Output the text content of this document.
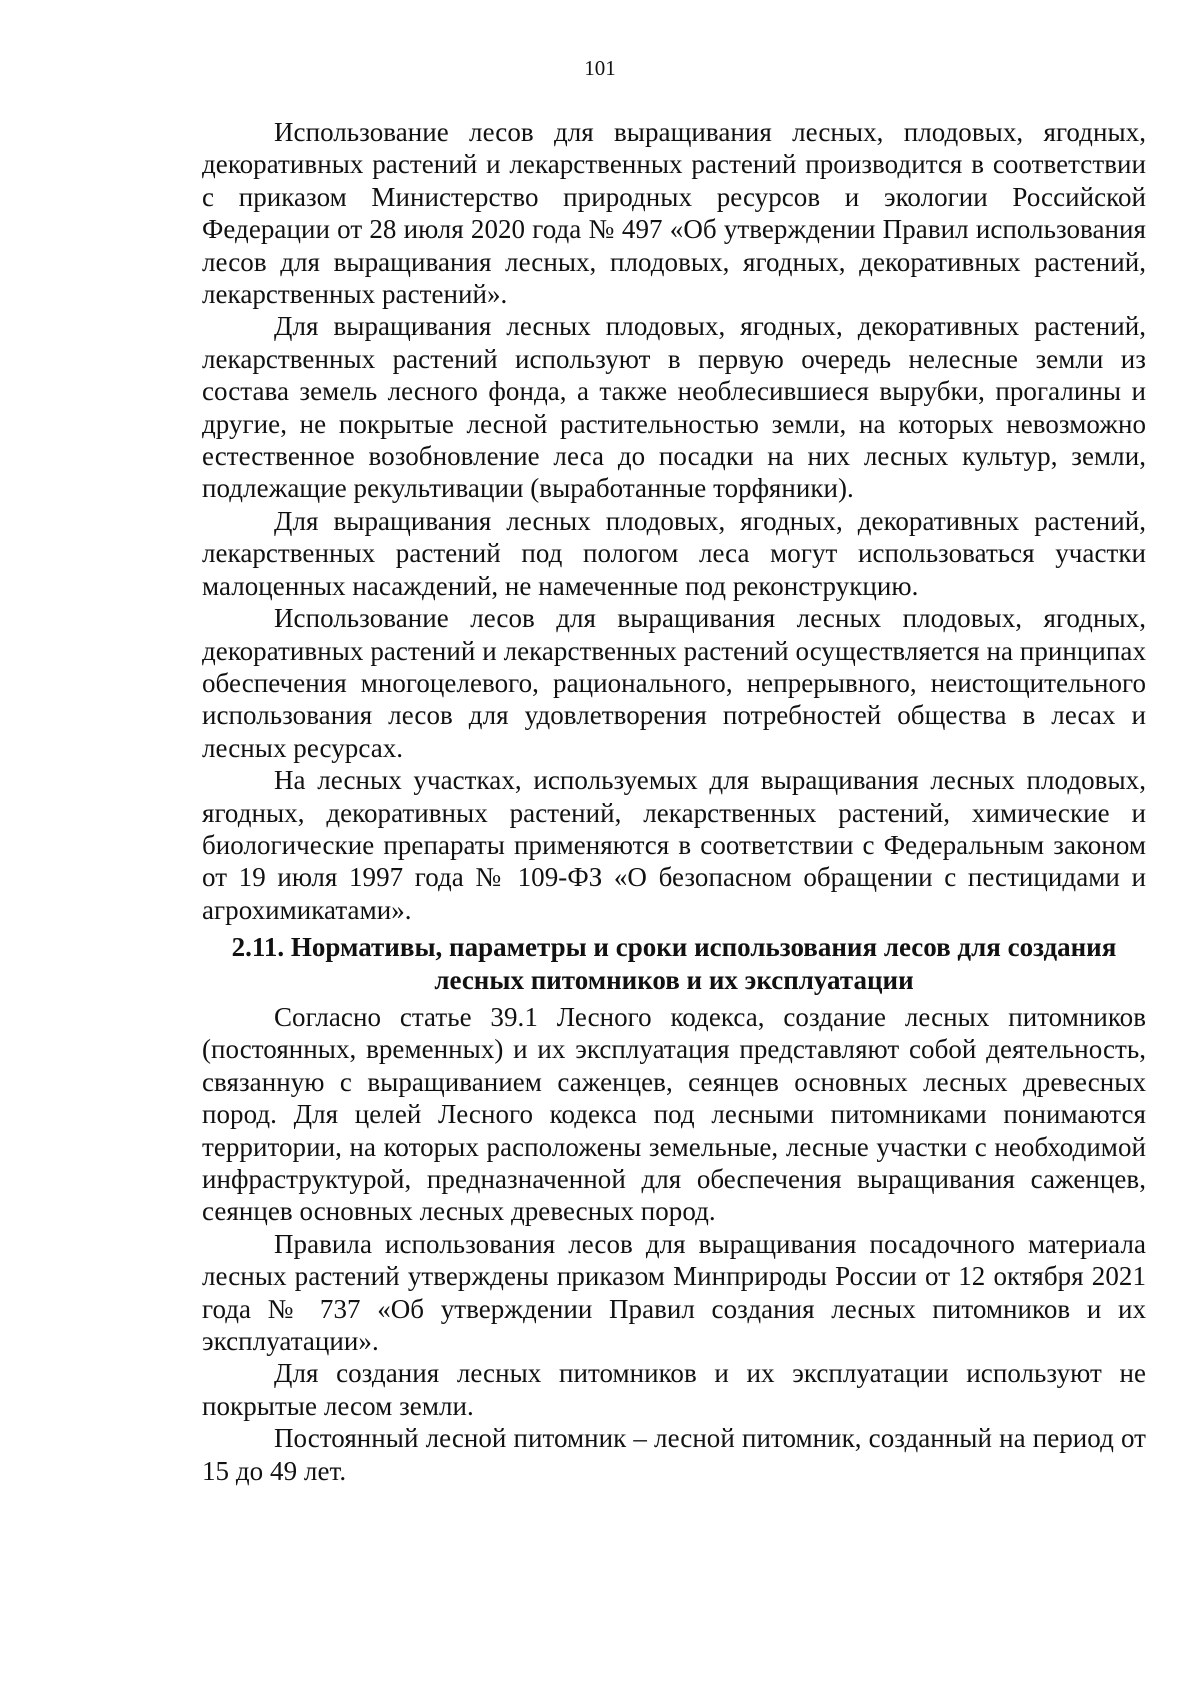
101

Использование лесов для выращивания лесных, плодовых, ягодных, декоративных растений и лекарственных растений производится в соответствии с приказом Министерство природных ресурсов и экологии Российской Федерации от 28 июля 2020 года № 497 «Об утверждении Правил использования лесов для выращивания лесных, плодовых, ягодных, декоративных растений, лекарственных растений».

Для выращивания лесных плодовых, ягодных, декоративных растений, лекарственных растений используют в первую очередь нелесные земли из состава земель лесного фонда, а также необлесившиеся вырубки, прогалины и другие, не покрытые лесной растительностью земли, на которых невозможно естественное возобновление леса до посадки на них лесных культур, земли, подлежащие рекультивации (выработанные торфяники).

Для выращивания лесных плодовых, ягодных, декоративных растений, лекарственных растений под пологом леса могут использоваться участки малоценных насаждений, не намеченные под реконструкцию.

Использование лесов для выращивания лесных плодовых, ягодных, декоративных растений и лекарственных растений осуществляется на принципах обеспечения многоцелевого, рационального, непрерывного, неистощительного использования лесов для удовлетворения потребностей общества в лесах и лесных ресурсах.

На лесных участках, используемых для выращивания лесных плодовых, ягодных, декоративных растений, лекарственных растений, химические и биологические препараты применяются в соответствии с Федеральным законом от 19 июля 1997 года № 109-ФЗ «О безопасном обращении с пестицидами и агрохимикатами».

2.11. Нормативы, параметры и сроки использования лесов для создания лесных питомников и их эксплуатации

Согласно статье 39.1 Лесного кодекса, создание лесных питомников (постоянных, временных) и их эксплуатация представляют собой деятельность, связанную с выращиванием саженцев, сеянцев основных лесных древесных пород. Для целей Лесного кодекса под лесными питомниками понимаются территории, на которых расположены земельные, лесные участки с необходимой инфраструктурой, предназначенной для обеспечения выращивания саженцев, сеянцев основных лесных древесных пород.

Правила использования лесов для выращивания посадочного материала лесных растений утверждены приказом Минприроды России от 12 октября 2021 года № 737 «Об утверждении Правил создания лесных питомников и их эксплуатации».

Для создания лесных питомников и их эксплуатации используют не покрытые лесом земли.

Постоянный лесной питомник – лесной питомник, созданный на период от 15 до 49 лет.
